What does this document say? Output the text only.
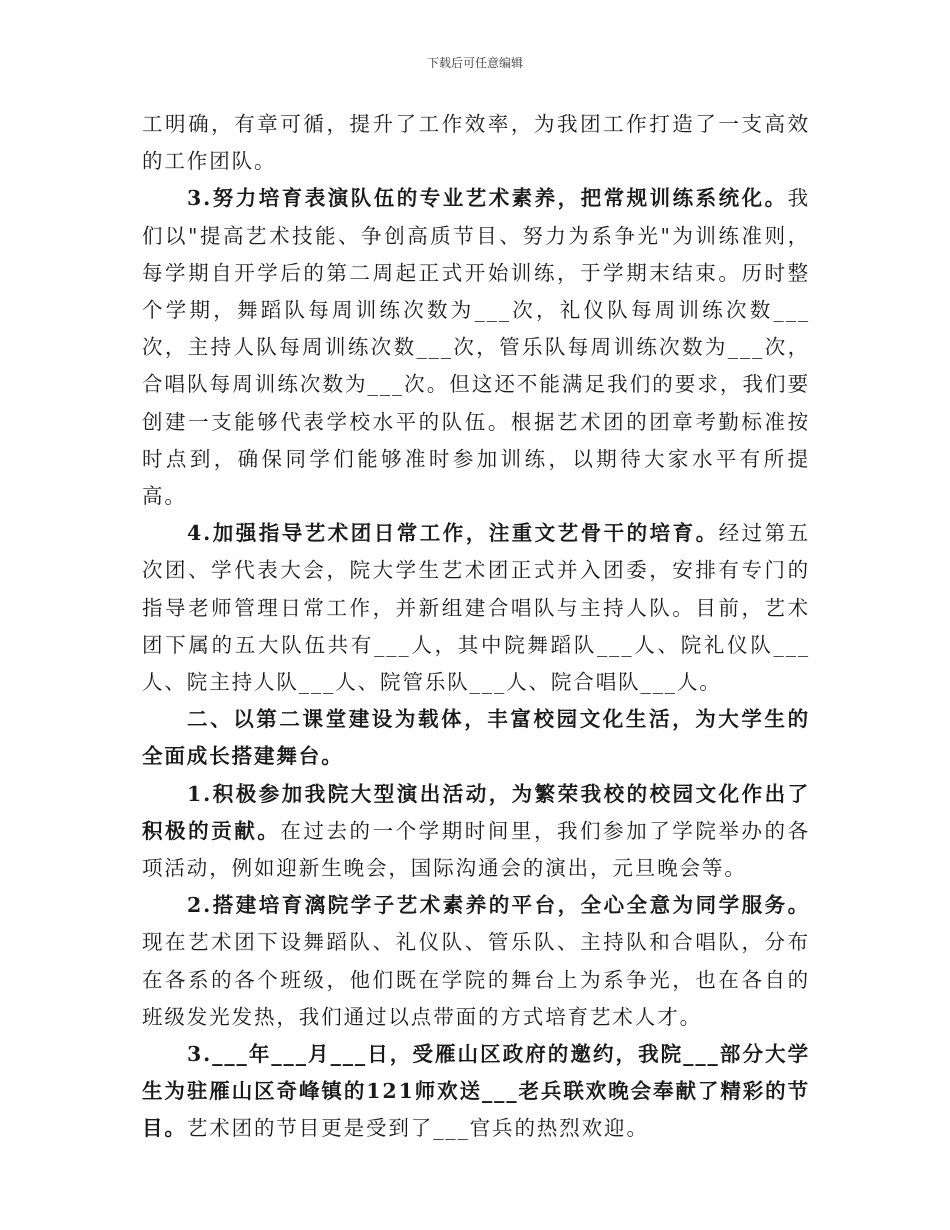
下载后可任意编辑

工明确，有章可循，提升了工作效率，为我团工作打造了一支高效的工作团队。

3.努力培育表演队伍的专业艺术素养，把常规训练系统化。我们以"提高艺术技能、争创高质节目、努力为系争光"为训练准则，每学期自开学后的第二周起正式开始训练，于学期末结束。历时整个学期，舞蹈队每周训练次数为___次，礼仪队每周训练次数___次，主持人队每周训练次数___次，管乐队每周训练次数为___次，合唱队每周训练次数为___次。但这还不能满足我们的要求，我们要创建一支能够代表学校水平的队伍。根据艺术团的团章考勤标准按时点到，确保同学们能够准时参加训练，以期待大家水平有所提高。

4.加强指导艺术团日常工作，注重文艺骨干的培育。经过第五次团、学代表大会，院大学生艺术团正式并入团委，安排有专门的指导老师管理日常工作，并新组建合唱队与主持人队。目前，艺术团下属的五大队伍共有___人，其中院舞蹈队___人、院礼仪队___人、院主持人队___人、院管乐队___人、院合唱队___人。

二、以第二课堂建设为载体，丰富校园文化生活，为大学生的全面成长搭建舞台。

1.积极参加我院大型演出活动，为繁荣我校的校园文化作出了积极的贡献。在过去的一个学期时间里，我们参加了学院举办的各项活动，例如迎新生晚会，国际沟通会的演出，元旦晚会等。

2.搭建培育漓院学子艺术素养的平台，全心全意为同学服务。现在艺术团下设舞蹈队、礼仪队、管乐队、主持队和合唱队，分布在各系的各个班级，他们既在学院的舞台上为系争光，也在各自的班级发光发热，我们通过以点带面的方式培育艺术人才。

3.___年___月___日，受雁山区政府的邀约，我院___部分大学生为驻雁山区奇峰镇的121师欢送___老兵联欢晚会奉献了精彩的节目。艺术团的节目更是受到了___官兵的热烈欢迎。
